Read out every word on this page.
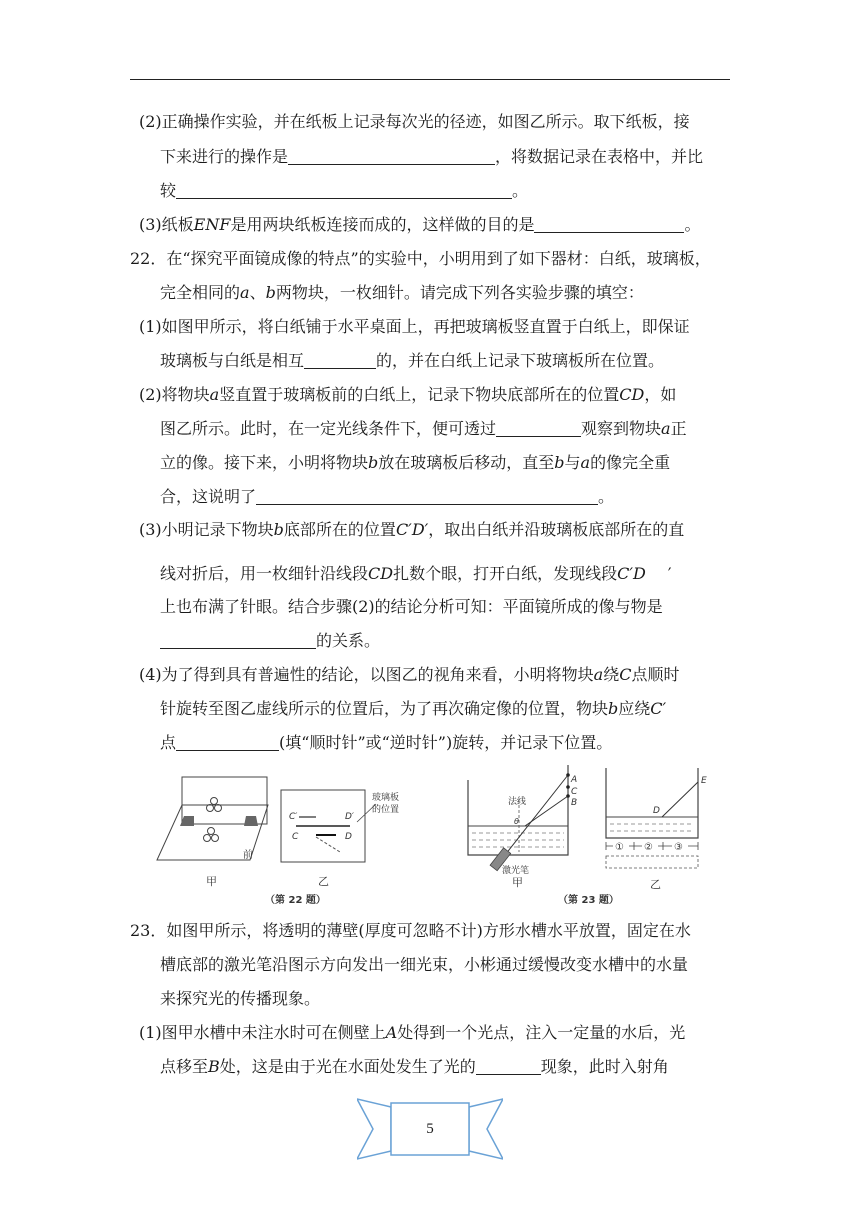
(2)正确操作实验，并在纸板上记录每次光的径迹，如图乙所示。取下纸板，接
下来进行的操作是	，将数据记录在表格中，并比
较	。
(3)纸板ENF是用两块纸板连接而成的，这样做的目的是	。
22．在“探究平面镜成像的特点”的实验中，小明用到了如下器材：白纸，玻璃板，
完全相同的a、b两物块，一枚细针。请完成下列各实验步骤的填空：
(1)如图甲所示，将白纸铺于水平桌面上，再把玻璃板竖直置于白纸上，即保证
玻璃板与白纸是相互	的，并在白纸上记录下玻璃板所在位置。
(2)将物块a竖直置于玻璃板前的白纸上，记录下物块底部所在的位置CD，如
图乙所示。此时，在一定光线条件下，便可透过	观察到物块a正
立的像。接下来，小明将物块b放在玻璃板后移动，直至b与a的像完全重
合，这说明了	。
(3)小明记录下物块b底部所在的位置C′D′，取出白纸并沿玻璃板底部所在的直
线对折后，用一枚细针沿线段CD扎数个眼，打开白纸，发现线段C′D ′
上也布满了针眼。结合步骤(2)的结论分析可知：平面镜所成的像与物是
的关系。
(4)为了得到具有普遍性的结论，以图乙的视角来看，小明将物块a绕C点顺时
针旋转至图乙虚线所示的位置后，为了再次确定像的位置，物块b应绕C′
点	(填“顺时针”或“逆时针”)旋转，并记录下位置。
前
甲
C′	D′
C	D
玻璃板
的位置
乙
（第 22 题）
A
C
B
法线
θ
激光笔
甲
E
D
① ② ③
乙
（第 23 题）
23．如图甲所示，将透明的薄壁(厚度可忽略不计)方形水槽水平放置，固定在水
槽底部的激光笔沿图示方向发出一细光束，小彬通过缓慢改变水槽中的水量
来探究光的传播现象。
(1)图甲水槽中未注水时可在侧壁上A处得到一个光点，注入一定量的水后，光
点移至B处，这是由于光在水面处发生了光的	现象，此时入射角
5
